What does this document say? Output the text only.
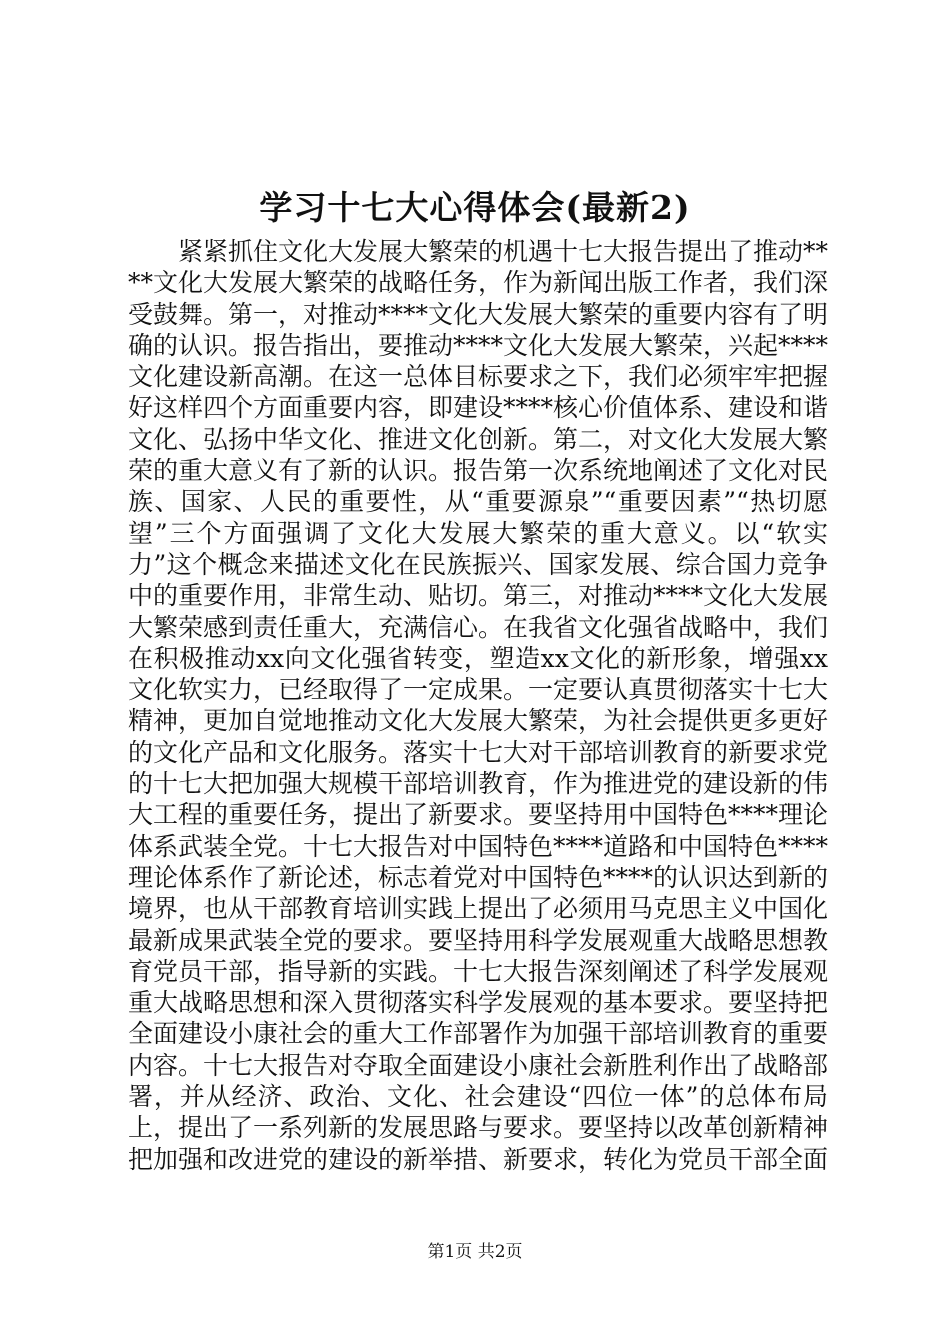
学习十七大心得体会(最新2)

紧紧抓住文化大发展大繁荣的机遇十七大报告提出了推动****文化大发展大繁荣的战略任务，作为新闻出版工作者，我们深受鼓舞。第一，对推动****文化大发展大繁荣的重要内容有了明确的认识。报告指出，要推动****文化大发展大繁荣，兴起****文化建设新高潮。在这一总体目标要求之下，我们必须牢牢把握好这样四个方面重要内容，即建设****核心价值体系、建设和谐文化、弘扬中华文化、推进文化创新。第二，对文化大发展大繁荣的重大意义有了新的认识。报告第一次系统地阐述了文化对民族、国家、人民的重要性，从“重要源泉”“重要因素”“热切愿望”三个方面强调了文化大发展大繁荣的重大意义。以“软实力”这个概念来描述文化在民族振兴、国家发展、综合国力竞争中的重要作用，非常生动、贴切。第三，对推动****文化大发展大繁荣感到责任重大，充满信心。在我省文化强省战略中，我们在积极推动xx向文化强省转变，塑造xx文化的新形象，增强xx文化软实力，已经取得了一定成果。一定要认真贯彻落实十七大精神，更加自觉地推动文化大发展大繁荣，为社会提供更多更好的文化产品和文化服务。落实十七大对干部培训教育的新要求党的十七大把加强大规模干部培训教育，作为推进党的建设新的伟大工程的重要任务，提出了新要求。要坚持用中国特色****理论体系武装全党。十七大报告对中国特色****道路和中国特色****理论体系作了新论述，标志着党对中国特色****的认识达到新的境界，也从干部教育培训实践上提出了必须用马克思主义中国化最新成果武装全党的要求。要坚持用科学发展观重大战略思想教育党员干部，指导新的实践。十七大报告深刻阐述了科学发展观重大战略思想和深入贯彻落实科学发展观的基本要求。要坚持把全面建设小康社会的重大工作部署作为加强干部培训教育的重要内容。十七大报告对夺取全面建设小康社会新胜利作出了战略部署，并从经济、政治、文化、社会建设“四位一体”的总体布局上，提出了一系列新的发展思路与要求。要坚持以改革创新精神把加强和改进党的建设的新举措、新要求，转化为党员干部全面

第1页 共2页
